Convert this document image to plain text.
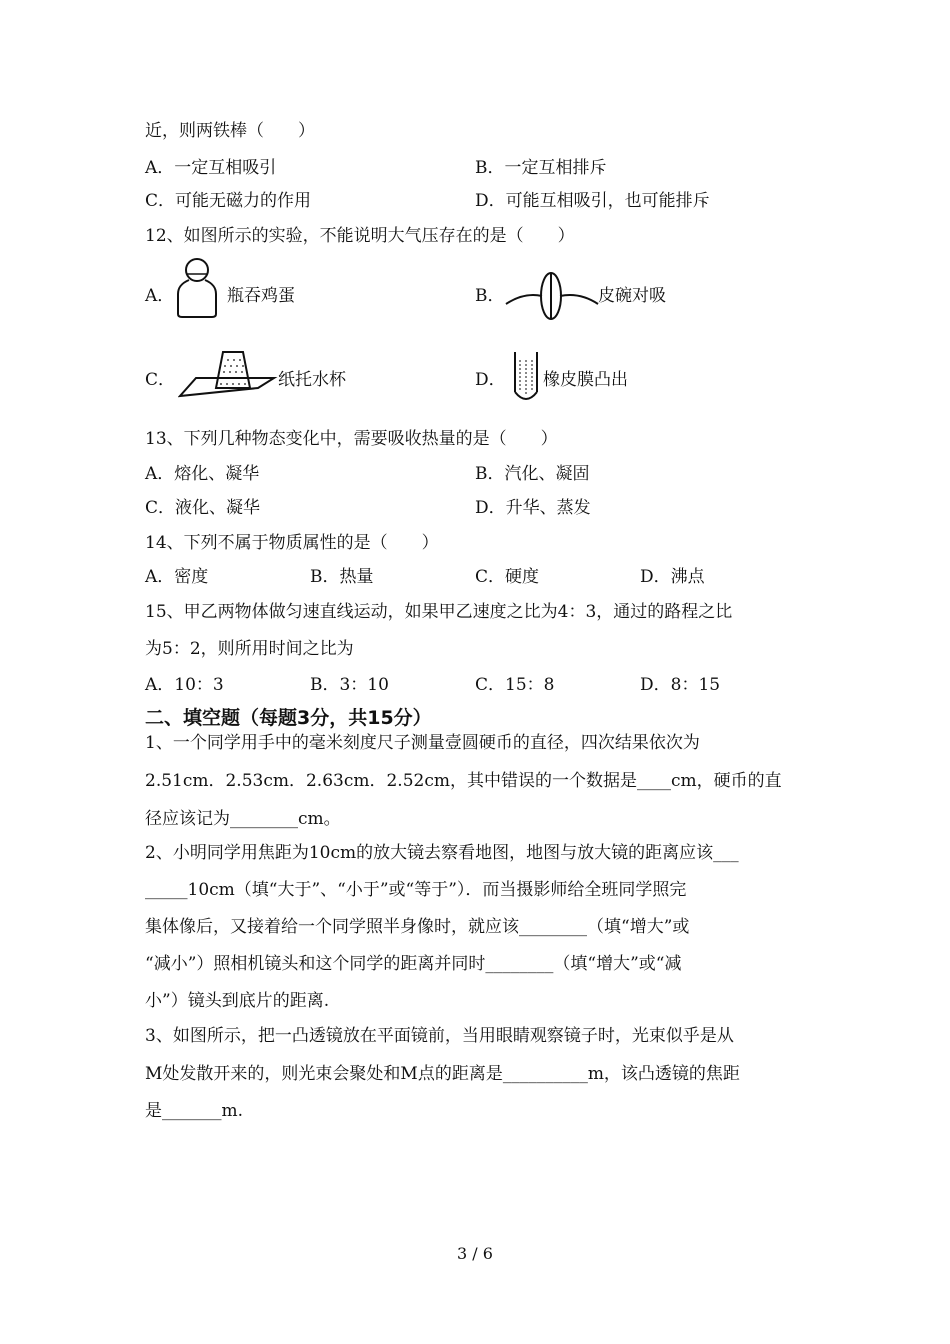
近，则两铁棒（　　）
A．一定互相吸引	B．一定互相排斥
C．可能无磁力的作用	D．可能互相吸引，也可能排斥
12、如图所示的实验，不能说明大气压存在的是（　　）
A．	瓶吞鸡蛋	B．	皮碗对吸
C．	纸托水杯	D． 橡皮膜凸出
13、下列几种物态变化中，需要吸收热量的是（　　）
A．熔化、凝华	B．汽化、凝固
C．液化、凝华	D．升华、蒸发
14、下列不属于物质属性的是（　　）
A．密度	B．热量	C．硬度	D．沸点
15、甲乙两物体做匀速直线运动，如果甲乙速度之比为4：3，通过的路程之比
为5：2，则所用时间之比为
A．10：3	B．3：10	C．15：8	D．8：15
二、填空题（每题3分，共15分）
1、一个同学用手中的毫米刻度尺子测量壹圆硬币的直径，四次结果依次为
2.51cm．2.53cm．2.63cm．2.52cm，其中错误的一个数据是____cm，硬币的直
径应该记为________cm。
2、小明同学用焦距为10cm的放大镜去察看地图，地图与放大镜的距离应该___
_____10cm（填“大于”、“小于”或“等于”）．而当摄影师给全班同学照完
集体像后，又接着给一个同学照半身像时，就应该________（填“增大”或
“减小”）照相机镜头和这个同学的距离并同时________（填“增大”或“减
小”）镜头到底片的距离.
3、如图所示，把一凸透镜放在平面镜前，当用眼睛观察镜子时，光束似乎是从
M处发散开来的，则光束会聚处和M点的距离是__________m，该凸透镜的焦距
是_______m.
3 / 6
